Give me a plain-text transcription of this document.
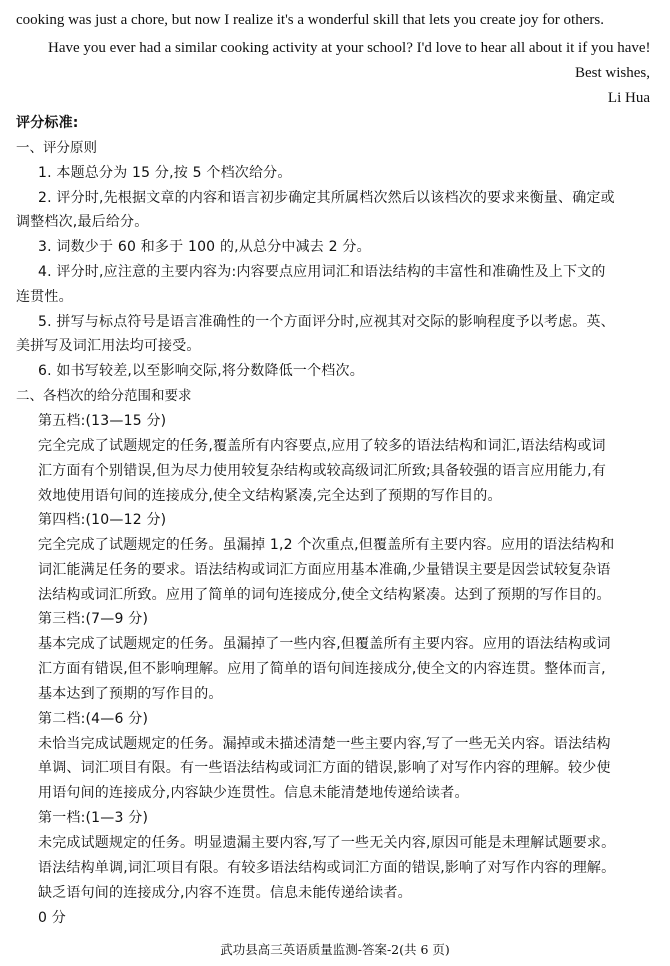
cooking was just a chore, but now I realize it's a wonderful skill that lets you create joy for others.
Have you ever had a similar cooking activity at your school? I'd love to hear all about it if you have!
Best wishes,
Li Hua
评分标准:
一、评分原则
1. 本题总分为 15 分,按 5 个档次给分。
2. 评分时,先根据文章的内容和语言初步确定其所属档次然后以该档次的要求来衡量、确定或
调整档次,最后给分。
3. 词数少于 60 和多于 100 的,从总分中减去 2 分。
4. 评分时,应注意的主要内容为:内容要点应用词汇和语法结构的丰富性和准确性及上下文的
连贯性。
5. 拼写与标点符号是语言准确性的一个方面评分时,应视其对交际的影响程度予以考虑。英、
美拼写及词汇用法均可接受。
6. 如书写较差,以至影响交际,将分数降低一个档次。
二、各档次的给分范围和要求
第五档:(13—15 分)
完全完成了试题规定的任务,覆盖所有内容要点,应用了较多的语法结构和词汇,语法结构或词
汇方面有个别错误,但为尽力使用较复杂结构或较高级词汇所致;具备较强的语言应用能力,有
效地使用语句间的连接成分,使全文结构紧凑,完全达到了预期的写作目的。
第四档:(10—12 分)
完全完成了试题规定的任务。虽漏掉 1,2 个次重点,但覆盖所有主要内容。应用的语法结构和
词汇能满足任务的要求。语法结构或词汇方面应用基本准确,少量错误主要是因尝试较复杂语
法结构或词汇所致。应用了简单的词句连接成分,使全文结构紧凑。达到了预期的写作目的。
第三档:(7—9 分)
基本完成了试题规定的任务。虽漏掉了一些内容,但覆盖所有主要内容。应用的语法结构或词
汇方面有错误,但不影响理解。应用了简单的语句间连接成分,使全文的内容连贯。整体而言,
基本达到了预期的写作目的。
第二档:(4—6 分)
未恰当完成试题规定的任务。漏掉或未描述清楚一些主要内容,写了一些无关内容。语法结构
单调、词汇项目有限。有一些语法结构或词汇方面的错误,影响了对写作内容的理解。较少使
用语句间的连接成分,内容缺少连贯性。信息未能清楚地传递给读者。
第一档:(1—3 分)
未完成试题规定的任务。明显遗漏主要内容,写了一些无关内容,原因可能是未理解试题要求。
语法结构单调,词汇项目有限。有较多语法结构或词汇方面的错误,影响了对写作内容的理解。
缺乏语句间的连接成分,内容不连贯。信息未能传递给读者。
0 分
武功县高三英语质量监测-答案-2(共 6 页)
